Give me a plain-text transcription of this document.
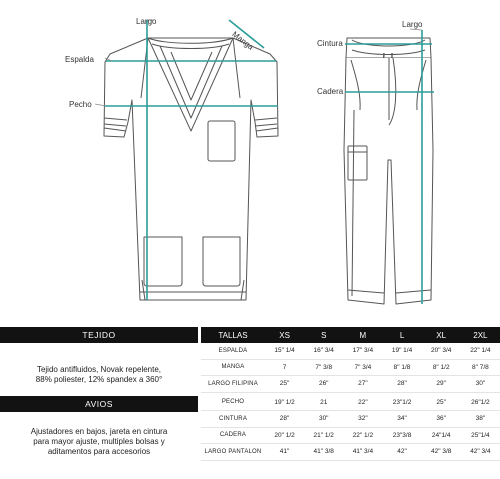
Largo
Manga
Espalda
Pecho
Largo
Cintura
Cadera
TEJIDO
Tejido antifluidos, Novak repelente,
88% poliester, 12% spandex a 360°
AVIOS
Ajustadores en bajos, jareta en cintura
para mayor ajuste, multiples bolsas y
aditamentos para accesorios
TALLAS	XS	S	M	L	XL	2XL
ESPALDA	15" 1/4	16" 3/4	17" 3/4	19" 1/4	20" 3/4	22" 1/4
MANGA	7	7" 3/8	7" 3/4	8" 1/8	8" 1/2	8" 7/8
LARGO FILIPINA	25"	26"	27"	28"	29"	30"

PECHO	19" 1/2	21	22"	23"1/2	25"	26"1/2
CINTURA	28"	30"	32"	34"	36"	38"
CADERA	20" 1/2	21" 1/2	22" 1/2	23"3/8	24"1/4	25"1/4
LARGO PANTALON	41"	41" 3/8	41" 3/4	42"	42" 3/8	42" 3/4
